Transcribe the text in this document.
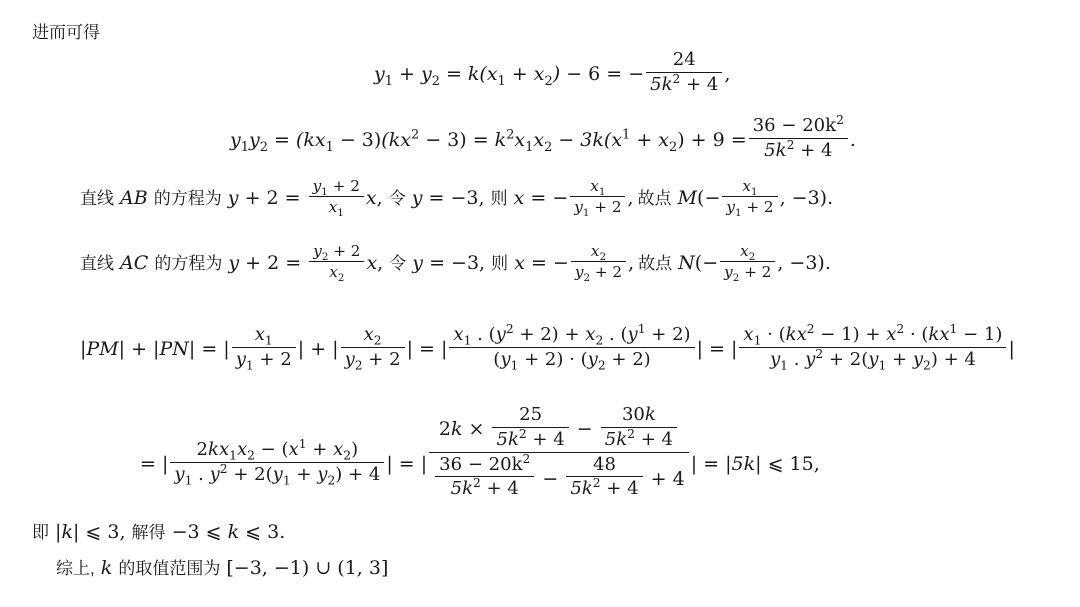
进而可得
$y_1 + y_2 = k(x_1 + x_2) - 6$ = − $\frac{24}{5k^2 + 4}$ ,
$y_1y_2 = (kx_1 - 3)(kx^2 - 3) = k^2x_1x_2 - 3k(x^1 + x_2) + 9 = \frac{36 - 20k^2}{5k^2 + 4}$ .
直线 AB 的方程为 $y + 2 = \frac{y_1 + 2}{x_1} x$, 令 y = −3, 则 x = − $\frac{x_1}{y_1 + 2}$ , 故点 $M(- \frac{x_1}{y_1 + 2}$ , −3).
直线 AC 的方程为 $y + 2 = \frac{y_2 + 2}{x_2} x$, 令 y = −3, 则 x = − $\frac{x_2}{y_2 + 2}$ , 故点 $N(- \frac{x_2}{y_2 + 2}$ , −3).
|PM| + |PN| = | $\frac{x_1}{y_1 + 2}$ | + | $\frac{x_2}{y_2 + 2}$ | = | $\frac{x_1 . (y^2 + 2) + x_2 . (y^1 + 2)}{(y_1 + 2) \cdot (y_2 + 2)}$ | = | $\frac{x_1 \cdot (kx^2 - 1) + x^2 \cdot (kx^1 - 1)}{y_1 . y^2 + 2(y_1 + y_2) + 4}$ |
= | $\frac{2kx_1x_2 - (x^1 + x_2)}{y_1 . y^2 + 2(y_1 + y_2) + 4}$ | = | $\frac{2k \times \frac{25}{5k^2 + 4} - \frac{30k}{5k^2 + 4}}{\frac{36 - 20k^2}{5k^2 + 4} - \frac{48}{5k^2 + 4} + 4}$ | = |5k| ⩽ 15,
即 |k| ⩽ 3, 解得 −3 ⩽ k ⩽ 3.
综上, k 的取值范围为 [−3, −1) ∪ (1, 3]
